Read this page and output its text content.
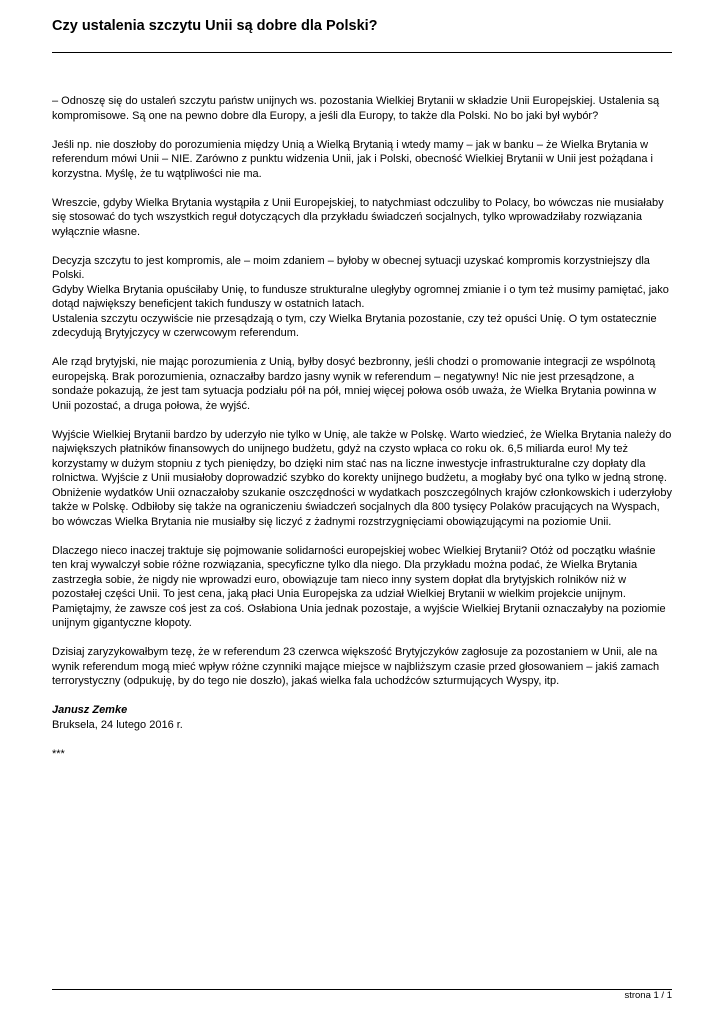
Czy ustalenia szczytu Unii są dobre dla Polski?

– Odnoszę się do ustaleń szczytu państw unijnych ws. pozostania Wielkiej Brytanii w składzie Unii Europejskiej. Ustalenia są kompromisowe. Są one na pewno dobre dla Europy, a jeśli dla Europy, to także dla Polski. No bo jaki był wybór?

Jeśli np. nie doszłoby do porozumienia między Unią a Wielką Brytanią i wtedy mamy – jak w banku – że Wielka Brytania w referendum mówi Unii – NIE. Zarówno z punktu widzenia Unii, jak i Polski, obecność Wielkiej Brytanii w Unii jest pożądana i korzystna. Myślę, że tu wątpliwości nie ma.

Wreszcie, gdyby Wielka Brytania wystąpiła z Unii Europejskiej, to natychmiast odczuliby to Polacy, bo wówczas nie musiałaby się stosować do tych wszystkich reguł dotyczących dla przykładu świadczeń socjalnych, tylko wprowadziłaby rozwiązania wyłącznie własne.

Decyzja szczytu to jest kompromis, ale – moim zdaniem – byłoby w obecnej sytuacji uzyskać kompromis korzystniejszy dla Polski.
Gdyby Wielka Brytania opuściłaby Unię, to fundusze strukturalne uległyby ogromnej zmianie i o tym też musimy pamiętać, jako dotąd największy beneficjent takich funduszy w ostatnich latach.
Ustalenia szczytu oczywiście nie przesądzają o tym, czy Wielka Brytania pozostanie, czy też opuści Unię. O tym ostatecznie zdecydują Brytyjczycy w czerwcowym referendum.

Ale rząd brytyjski, nie mając porozumienia z Unią, byłby dosyć bezbronny, jeśli chodzi o promowanie integracji ze wspólnotą europejską. Brak porozumienia, oznaczałby bardzo jasny wynik w referendum – negatywny! Nic nie jest przesądzone, a sondaże pokazują, że jest tam sytuacja podziału pół na pół, mniej więcej połowa osób uważa, że Wielka Brytania powinna w Unii pozostać, a druga połowa, że wyjść.

Wyjście Wielkiej Brytanii bardzo by uderzyło nie tylko w Unię, ale także w Polskę. Warto wiedzieć, że Wielka Brytania należy do największych płatników finansowych do unijnego budżetu, gdyż na czysto wpłaca co roku ok. 6,5 miliarda euro! My też korzystamy w dużym stopniu z tych pieniędzy, bo dzięki nim stać nas na liczne inwestycje infrastrukturalne czy dopłaty dla rolnictwa. Wyjście z Unii musiałoby doprowadzić szybko do korekty unijnego budżetu, a mogłaby być ona tylko w jedną stronę.
Obniżenie wydatków Unii oznaczałoby szukanie oszczędności w wydatkach poszczególnych krajów członkowskich i uderzyłoby także w Polskę. Odbiłoby się także na ograniczeniu świadczeń socjalnych dla 800 tysięcy Polaków pracujących na Wyspach, bo wówczas Wielka Brytania nie musiałby się liczyć z żadnymi rozstrzygnięciami obowiązującymi na poziomie Unii.

Dlaczego nieco inaczej traktuje się pojmowanie solidarności europejskiej wobec Wielkiej Brytanii? Otóż od początku właśnie ten kraj wywalczył sobie różne rozwiązania, specyficzne tylko dla niego. Dla przykładu można podać, że Wielka Brytania zastrzegła sobie, że nigdy nie wprowadzi euro, obowiązuje tam nieco inny system dopłat dla brytyjskich rolników niż w pozostałej części Unii. To jest cena, jaką płaci Unia Europejska za udział Wielkiej Brytanii w wielkim projekcie unijnym. Pamiętajmy, że zawsze coś jest za coś. Osłabiona Unia jednak pozostaje, a wyjście Wielkiej Brytanii oznaczałyby na poziomie unijnym gigantyczne kłopoty.

Dzisiaj zaryzykowałbym tezę, że w referendum 23 czerwca większość Brytyjczyków zagłosuje za pozostaniem w Unii, ale na wynik referendum mogą mieć wpływ różne czynniki mające miejsce w najbliższym czasie przed głosowaniem – jakiś zamach terrorystyczny (odpukuję, by do tego nie doszło), jakaś wielka fala uchodźców szturmujących Wyspy, itp.

Janusz Zemke
Bruksela, 24 lutego 2016 r.

***

strona 1 / 1
